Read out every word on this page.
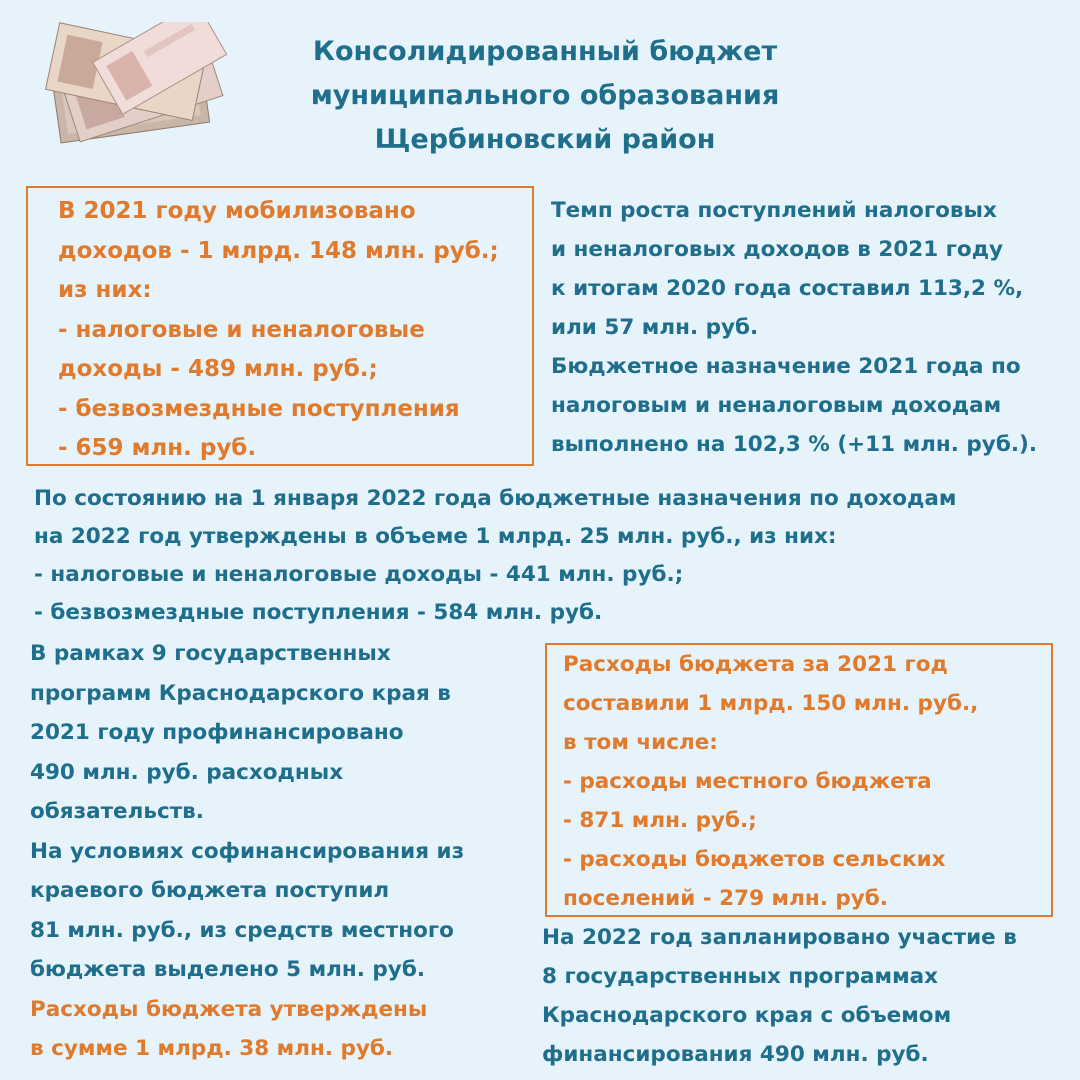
Консолидированный бюджет
муниципального образования
Щербиновский район
В 2021 году мобилизовано
доходов - 1 млрд. 148 млн. руб.;
из них:
- налоговые и неналоговые
доходы - 489 млн. руб.;
- безвозмездные поступления
- 659 млн. руб.
Темп роста поступлений налоговых
и неналоговых доходов в 2021 году
к итогам 2020 года составил 113,2 %,
или 57 млн. руб.
Бюджетное назначение 2021 года по
налоговым и неналоговым доходам
выполнено на 102,3 % (+11 млн. руб.).
По состоянию на 1 января 2022 года бюджетные назначения по доходам
на 2022 год утверждены в объеме 1 млрд. 25 млн. руб., из них:
- налоговые и неналоговые доходы - 441 млн. руб.;
- безвозмездные поступления - 584 млн. руб.
В рамках 9 государственных
программ Краснодарского края в
2021 году профинансировано
490 млн. руб. расходных
обязательств.
На условиях софинансирования из
краевого бюджета поступил
81 млн. руб., из средств местного
бюджета выделено 5 млн. руб.
Расходы бюджета утверждены
в сумме 1 млрд. 38 млн. руб.
Расходы бюджета за 2021 год
составили 1 млрд. 150 млн. руб.,
в том числе:
- расходы местного бюджета
- 871 млн. руб.;
- расходы бюджетов сельских
поселений - 279 млн. руб.
На 2022 год запланировано участие в
8 государственных программах
Краснодарского края с объемом
финансирования 490 млн. руб.
